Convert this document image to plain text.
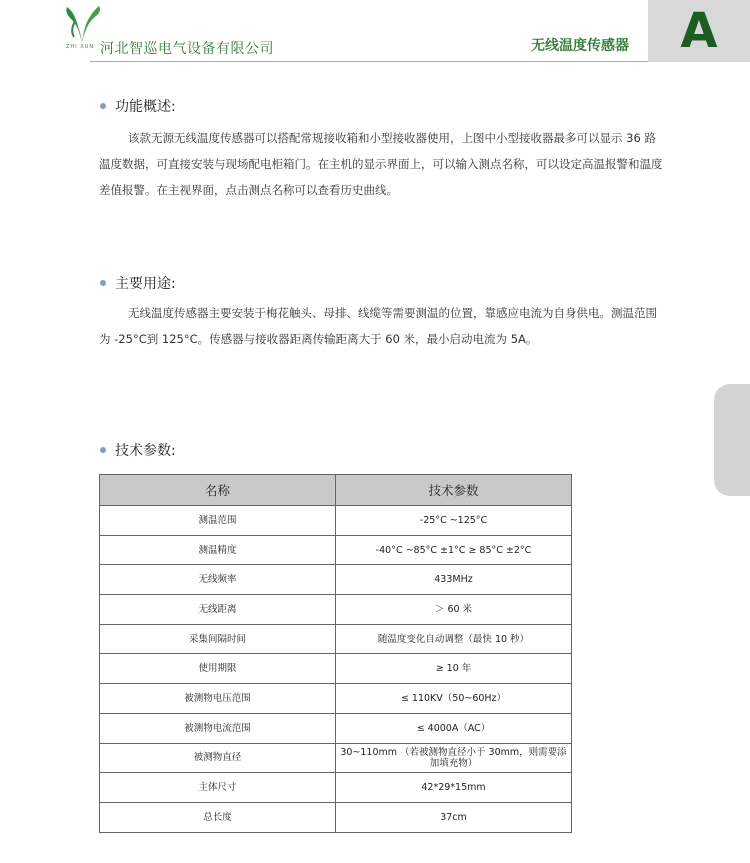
ZHI XUN 河北智巡电气设备有限公司	无线温度传感器 A
功能概述:
该款无源无线温度传感器可以搭配常规接收箱和小型接收器使用，上图中小型接收器最多可以显示 36 路温度数据，可直接安装与现场配电柜箱门。在主机的显示界面上，可以输入测点名称，可以设定高温报警和温度差值报警。在主视界面，点击测点名称可以查看历史曲线。
主要用途:
无线温度传感器主要安装于梅花触头、母排、线缆等需要测温的位置，靠感应电流为自身供电。测温范围为 -25°C到 125°C。传感器与接收器距离传输距离大于 60 米，最小启动电流为 5A。
技术参数:
名称	技术参数
测温范围	-25°C ~125°C
测温精度	-40°C ~85°C ±1°C ≥ 85°C ±2°C
无线频率	433MHz
无线距离	＞ 60 米
采集间隔时间	随温度变化自动调整（最快 10 秒）
使用期限	≥ 10 年
被测物电压范围	≤ 110KV（50~60Hz）
被测物电流范围	≤ 4000A（AC）
被测物直径	30~110mm （若被测物直径小于 30mm，则需要添加填充物）
主体尺寸	42*29*15mm
总长度	37cm
